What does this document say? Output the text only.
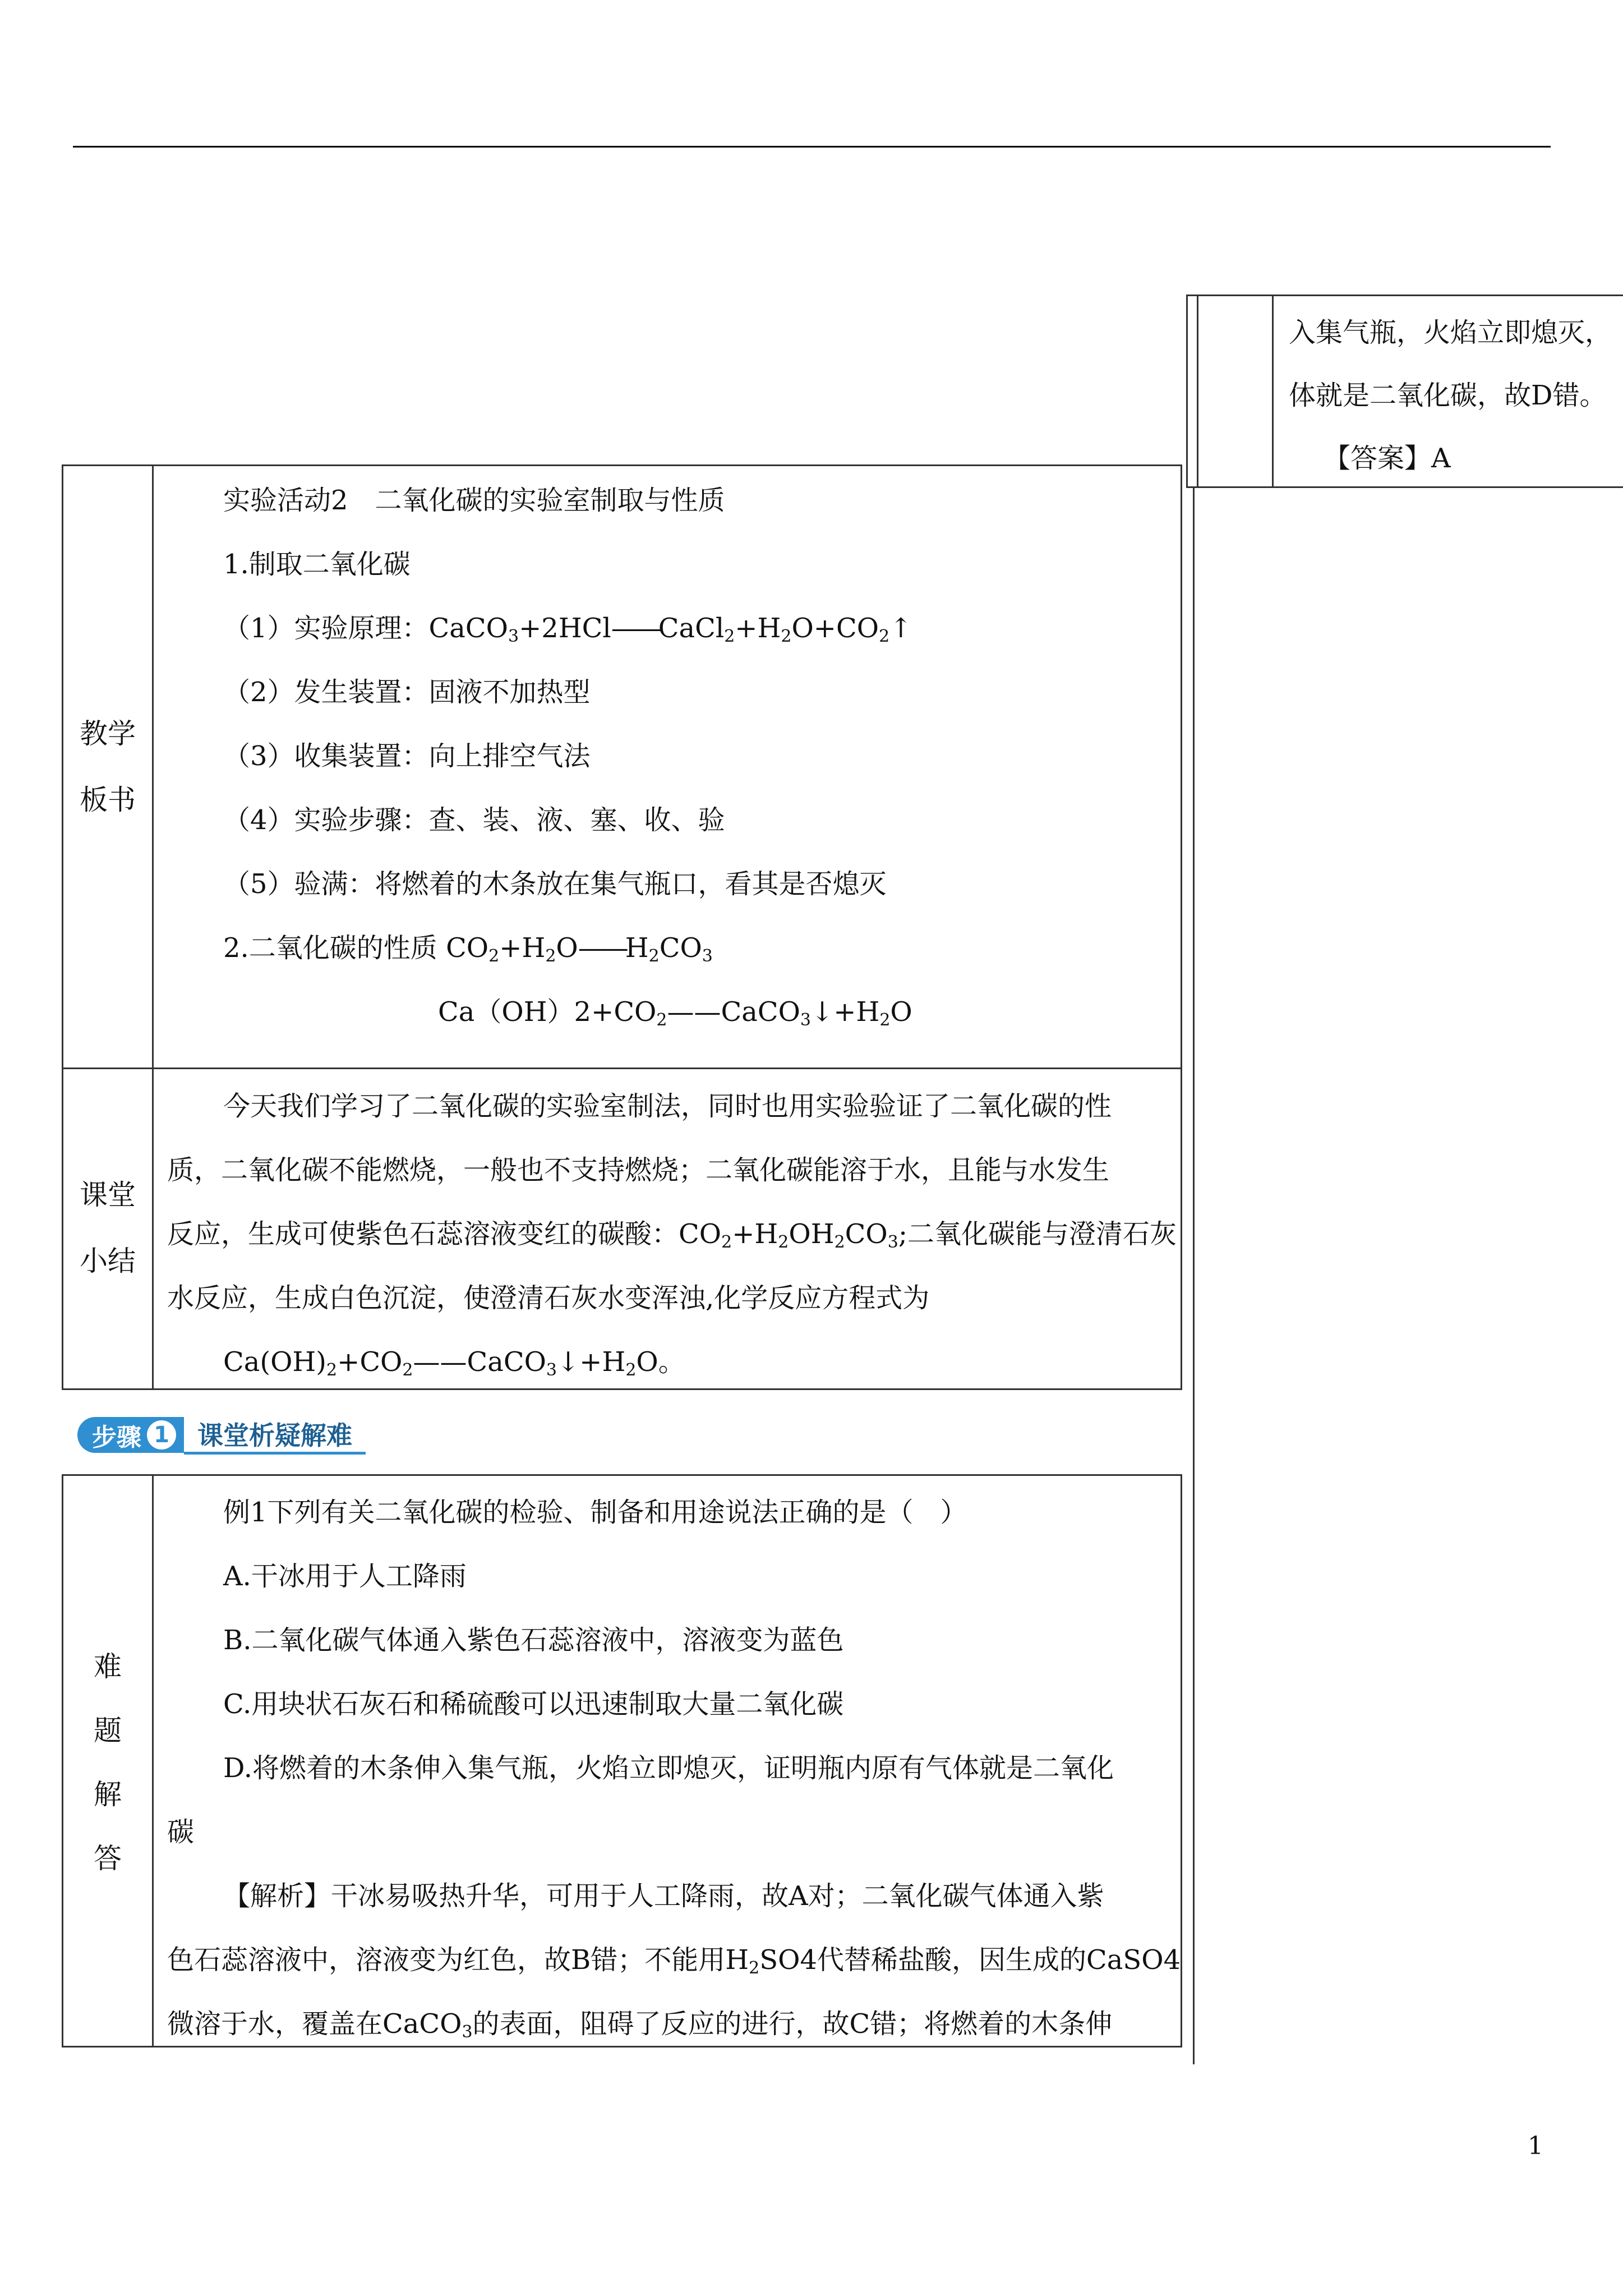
入集气瓶，火焰立即熄灭，
体就是二氧化碳，故D错。
【答案】A
教学
板书
实验活动2　二氧化碳的实验室制取与性质
1.制取二氧化碳
（1）实验原理：$CaCO_3+2HCl——CaCl_2+H_2O+CO_2↑$
（2）发生装置：固液不加热型
（3）收集装置：向上排空气法
（4）实验步骤：查、装、液、塞、收、验
（5）验满：将燃着的木条放在集气瓶口，看其是否熄灭
2.二氧化碳的性质 $CO_2+H_2O——H_2CO_3$
$Ca(OH)2+CO_2——CaCO_3↓+H_2O$
课堂
小结
今天我们学习了二氧化碳的实验室制法，同时也用实验验证了二氧化碳的性
质，二氧化碳不能燃烧，一般也不支持燃烧；二氧化碳能溶于水，且能与水发生
反应，生成可使紫色石蕊溶液变红的碳酸：$CO_2+H_2OH_2CO_3$;二氧化碳能与澄清石灰
水反应，生成白色沉淀，使澄清石灰水变浑浊,化学反应方程式为
$Ca(OH)_2+CO_2——CaCO_3↓+H_2O$。
步骤 1	课堂析疑解难
难
题
解
答
例1下列有关二氧化碳的检验、制备和用途说法正确的是（　）
A.干冰用于人工降雨
B.二氧化碳气体通入紫色石蕊溶液中，溶液变为蓝色
C.用块状石灰石和稀硫酸可以迅速制取大量二氧化碳
D.将燃着的木条伸入集气瓶，火焰立即熄灭，证明瓶内原有气体就是二氧化
碳
【解析】干冰易吸热升华，可用于人工降雨，故A对；二氧化碳气体通入紫
色石蕊溶液中，溶液变为红色，故B错；不能用$H_2SO4$代替稀盐酸，因生成的CaSO4
微溶于水，覆盖在CaCO$_3$的表面，阻碍了反应的进行，故C错；将燃着的木条伸
1
